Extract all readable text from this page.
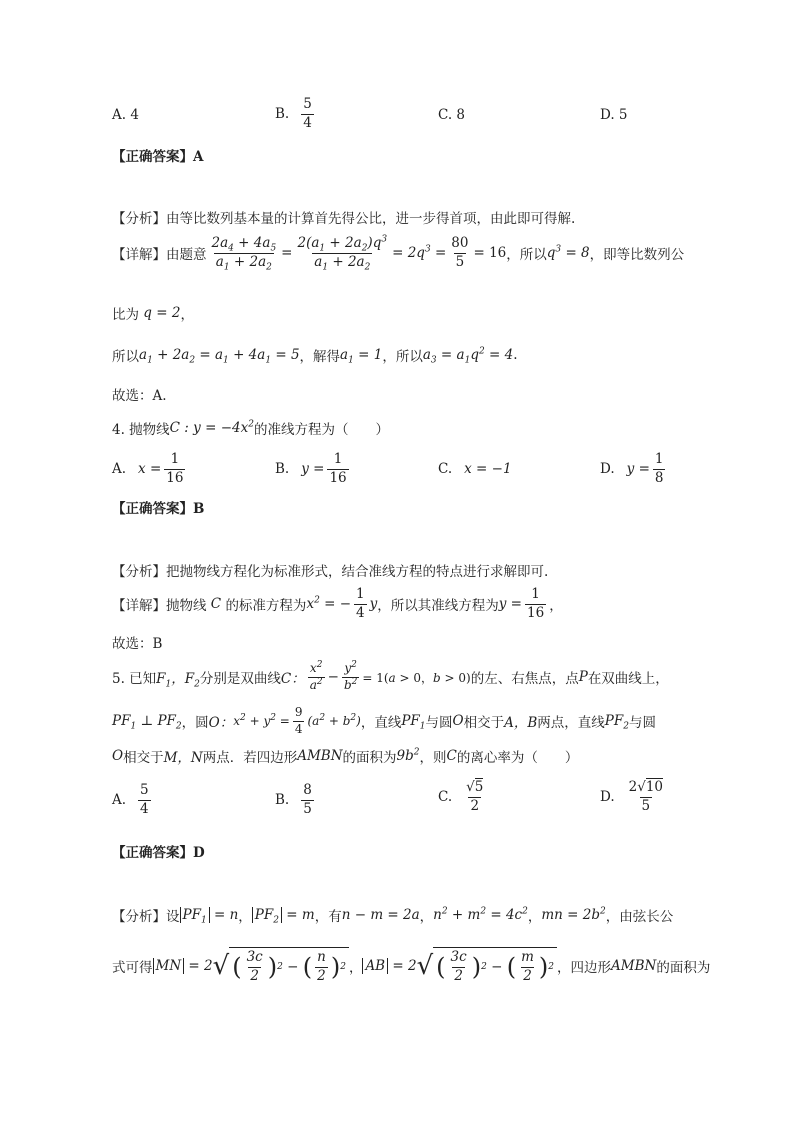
A. 4	B. $\frac{5}{4}$	C. 8	D. 5
【正确答案】A
【分析】由等比数列基本量的计算首先得公比，进一步得首项，由此即可得解.
【详解】由题意 $\frac{2a_4 + 4a_5}{a_1 + 2a_2} = \frac{2(a_1 + 2a_2)q^3}{a_1 + 2a_2} = 2q^3 = \frac{80}{5} = 16$ ，所以 $q^3 = 8$ ，即等比数列公
比为 q = 2 ，
所以 $a_1 + 2a_2 = a_1 + 4a_1 = 5$ ，解得 $a_1 = 1$ ，所以 $a_3 = a_1q^2 = 4$ .
故选：A.
4. 抛物线 C : $y = -4x^2$ 的准线方程为（　　）
A. $x = \frac{1}{16}$	B. $y = \frac{1}{16}$	C. x = −1	D. $y = \frac{1}{8}$
【正确答案】B
【分析】把抛物线方程化为标准形式，结合准线方程的特点进行求解即可.
【详解】抛物线 C 的标准方程为 $x^2$ = − $\frac{1}{4}$ y ，所以其准线方程为 $y = \frac{1}{16}$ ，
故选：B
5. 已知 $F_1$，$F_2$ 分别是双曲线 C： $\frac{x^2}{a^2} - \frac{y^2}{b^2} = 1(a > 0$，b > 0) 的左、右焦点，点 P 在双曲线上，
$PF_1$ ⊥ $PF_2$ ，圆 O： $x^2 + y^2 = \frac{9}{4} (a^2 + b^2)$ ，直线 $PF_1$ 与圆 O 相交于 A，B 两点，直线 $PF_2$ 与圆
O 相交于 M，N 两点．若四边形 AMBN 的面积为 $9b^2$ ，则 C 的离心率为（　　）
A. $\frac{5}{4}$	B. $\frac{8}{5}$	C. $\frac{√5}{2}$	D. $\frac{2√10}{5}$
【正确答案】D
【分析】设 $PF_1 = n$ ， $PF_2 = m$ ，有 n − m = 2a ， $n^2 + m^2 = 4c^2$ ， mn = $2b^2$ ，由弦长公
式可得 MN = 2 √ ( $\frac{3c}{2}$ ) 2 − ( $\frac{n}{2}$ ) 2 ， AB = 2 √ ( $\frac{3c}{2}$ ) 2 − ( $\frac{m}{2}$ ) 2 ，四边形 AMBN 的面积为
